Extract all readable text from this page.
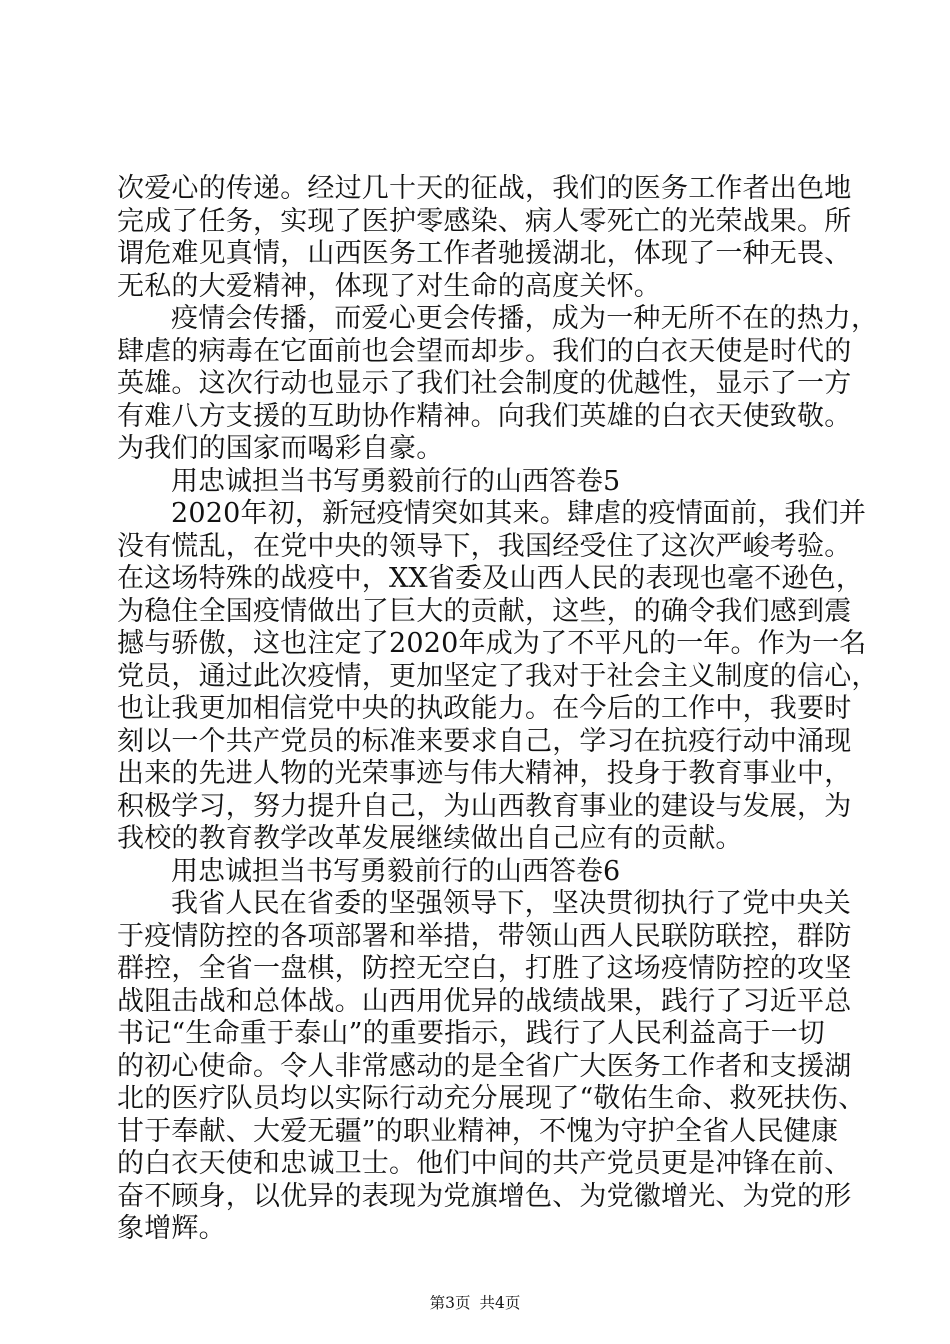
次爱心的传递。经过几十天的征战，我们的医务工作者出色地
完成了任务，实现了医护零感染、病人零死亡的光荣战果。所
谓危难见真情，山西医务工作者驰援湖北，体现了一种无畏、
无私的大爱精神，体现了对生命的高度关怀。
疫情会传播，而爱心更会传播，成为一种无所不在的热力，
肆虐的病毒在它面前也会望而却步。我们的白衣天使是时代的
英雄。这次行动也显示了我们社会制度的优越性，显示了一方
有难八方支援的互助协作精神。向我们英雄的白衣天使致敬。
为我们的国家而喝彩自豪。
用忠诚担当书写勇毅前行的山西答卷5
2020年初，新冠疫情突如其来。肆虐的疫情面前，我们并
没有慌乱，在党中央的领导下，我国经受住了这次严峻考验。
在这场特殊的战疫中，XX省委及山西人民的表现也毫不逊色，
为稳住全国疫情做出了巨大的贡献，这些，的确令我们感到震
撼与骄傲，这也注定了2020年成为了不平凡的一年。作为一名
党员，通过此次疫情，更加坚定了我对于社会主义制度的信心，
也让我更加相信党中央的执政能力。在今后的工作中，我要时
刻以一个共产党员的标准来要求自己，学习在抗疫行动中涌现
出来的先进人物的光荣事迹与伟大精神，投身于教育事业中，
积极学习，努力提升自己，为山西教育事业的建设与发展，为
我校的教育教学改革发展继续做出自己应有的贡献。
用忠诚担当书写勇毅前行的山西答卷6
我省人民在省委的坚强领导下，坚决贯彻执行了党中央关
于疫情防控的各项部署和举措，带领山西人民联防联控，群防
群控，全省一盘棋，防控无空白，打胜了这场疫情防控的攻坚
战阻击战和总体战。山西用优异的战绩战果，践行了习近平总
书记“生命重于泰山”的重要指示，践行了人民利益高于一切
的初心使命。令人非常感动的是全省广大医务工作者和支援湖
北的医疗队员均以实际行动充分展现了“敬佑生命、救死扶伤、
甘于奉献、大爱无疆”的职业精神，不愧为守护全省人民健康
的白衣天使和忠诚卫士。他们中间的共产党员更是冲锋在前、
奋不顾身，以优异的表现为党旗增色、为党徽增光、为党的形
象增辉。
第3页 共4页
